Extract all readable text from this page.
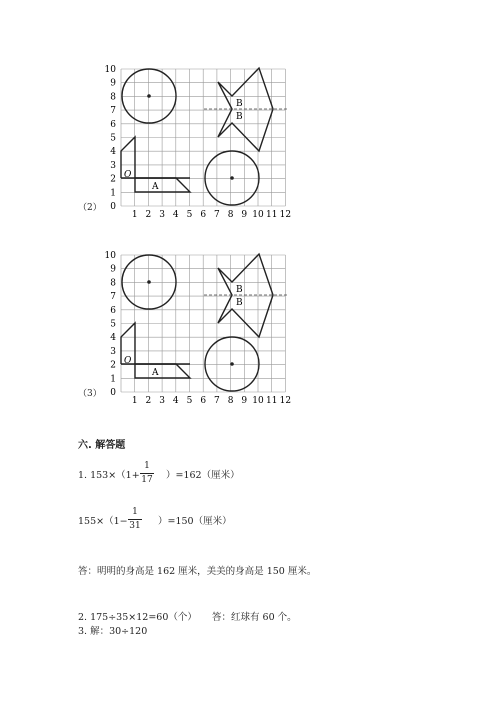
0
1
2
3
4
5
6
7
8
9
10
1 2 3 4 5 6 7 8 9 10 11 12
O
A
B
B
（2）
0
1
2
3
4
5
6
7
8
9
10
1 2 3 4 5 6 7 8 9 10 11 12
O
A
B
B
（3）
六. 解答题
1. 153×（1+
1
17 ）=162（厘米）
155×（1−
1
31 ）=150（厘米）
答：明明的身高是 162 厘米，美美的身高是 150 厘米。
2. 175÷35×12=60（个） 答：红球有 60 个。
3. 解：30÷120
